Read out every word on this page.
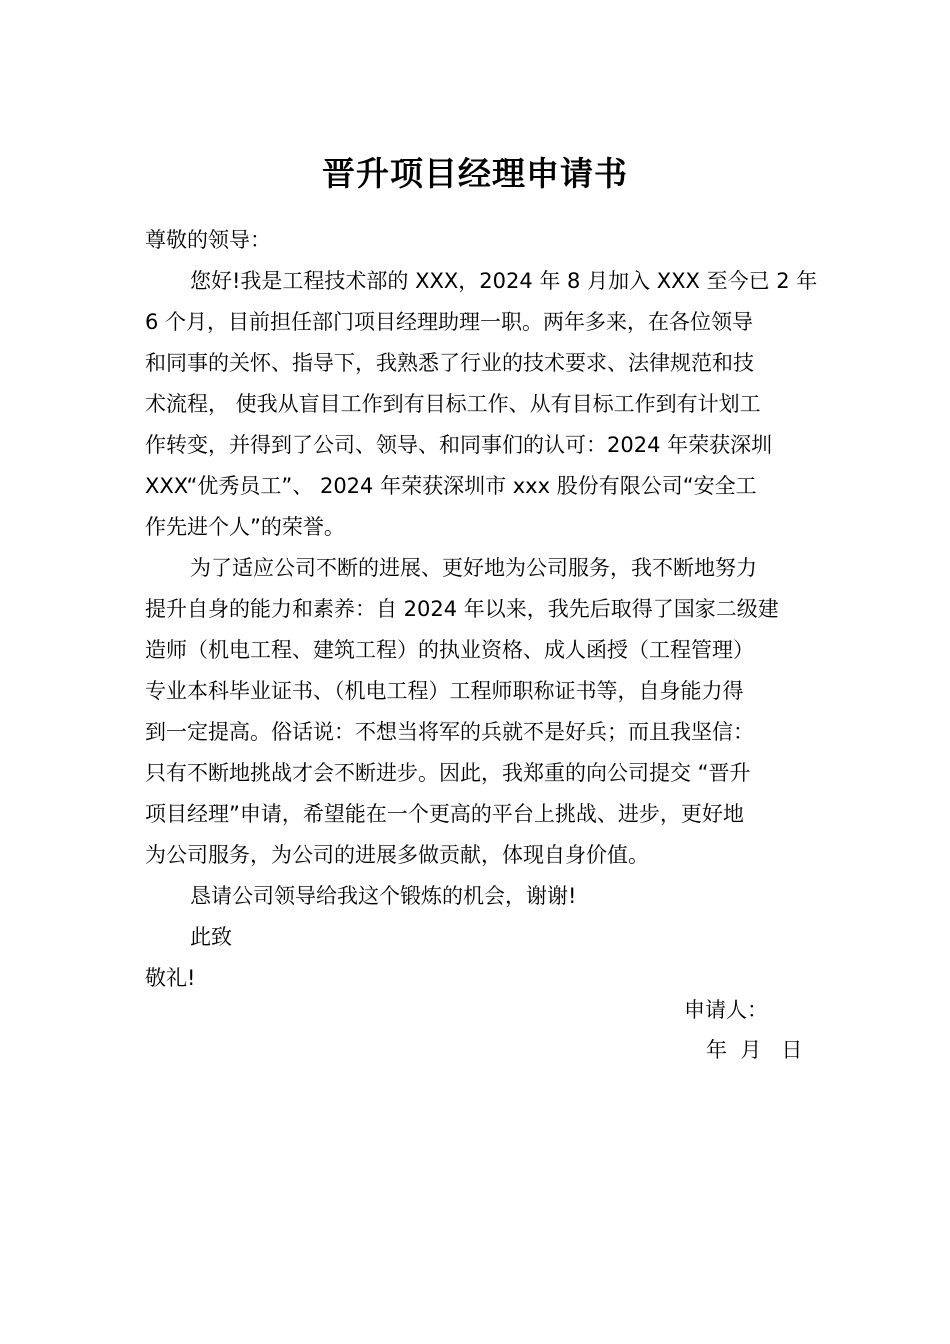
晋升项目经理申请书
尊敬的领导：
您好!我是工程技术部的 XXX，2024 年 8 月加入 XXX 至今已 2 年
6 个月，目前担任部门项目经理助理一职。两年多来，在各位领导
和同事的关怀、指导下，我熟悉了行业的技术要求、法律规范和技
术流程， 使我从盲目工作到有目标工作、从有目标工作到有计划工
作转变，并得到了公司、领导、和同事们的认可：2024 年荣获深圳
XXX“优秀员工”、 2024 年荣获深圳市 xxx 股份有限公司“安全工
作先进个人”的荣誉。
为了适应公司不断的进展、更好地为公司服务，我不断地努力
提升自身的能力和素养：自 2024 年以来，我先后取得了国家二级建
造师（机电工程、建筑工程）的执业资格、成人函授（工程管理）
专业本科毕业证书、（机电工程）工程师职称证书等，自身能力得
到一定提高。俗话说：不想当将军的兵就不是好兵；而且我坚信：
只有不断地挑战才会不断进步。因此，我郑重的向公司提交 “晋升
项目经理”申请，希望能在一个更高的平台上挑战、进步，更好地
为公司服务，为公司的进展多做贡献，体现自身价值。
恳请公司领导给我这个锻炼的机会，谢谢!
此致
敬礼!
申请人：
年  月   日
